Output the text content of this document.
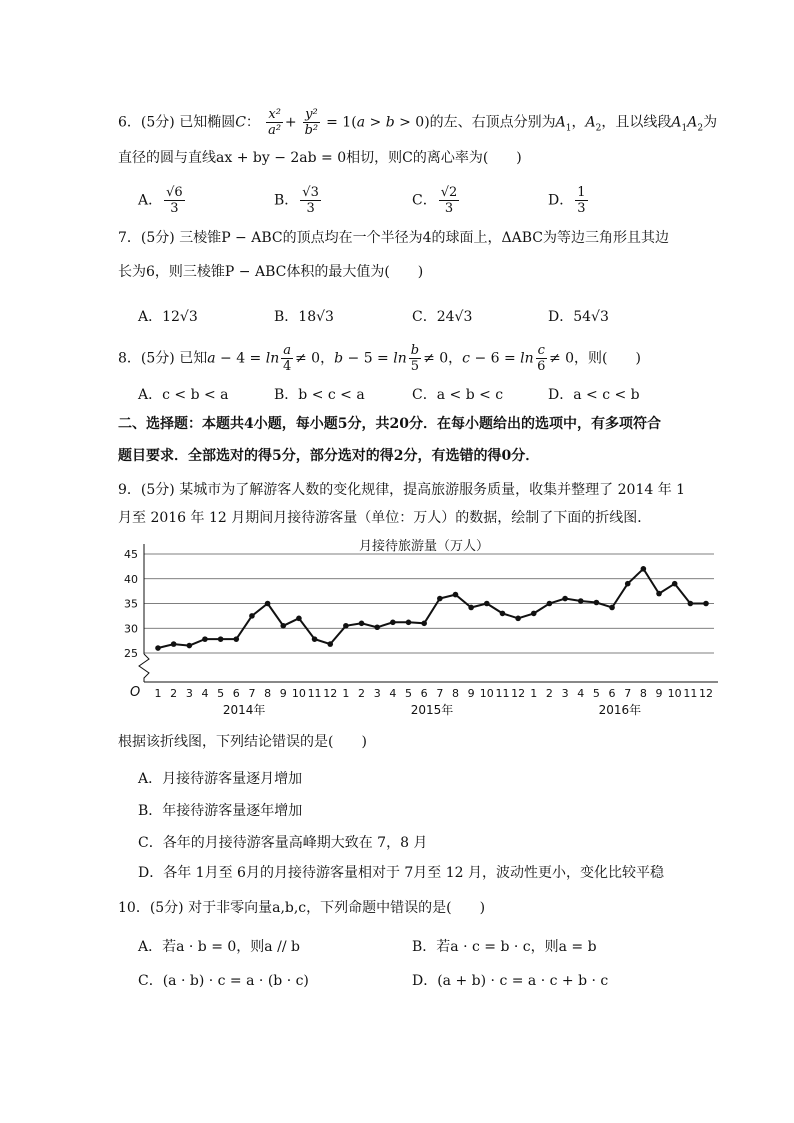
6．(5分) 已知椭圆C： $\frac{\text{x²}}{\text{a²}} + \frac{\text{y²}}{\text{b²}} = 1(a > b > 0)$的左、右顶点分别为$A_1$，$A_2$，且以线段$A_1A_2$为
直径的圆与直线ax + by − 2ab = 0相切，则C的离心率为(　　)
A． $\frac{√6}{3}$	B． $\frac{√3}{3}$	C． $\frac{√2}{3}$	D． $\frac{1}{3}$
7．(5分) 三棱锥P − ABC的顶点均在一个半径为4的球面上，ΔABC为等边三角形且其边
长为6，则三棱锥P − ABC体积的最大值为(　　)
A．12√3	B．18√3	C．24√3	D．54√3
8．(5分) 已知$a - 4 = \ln \frac{a}{4} \ne 0$，$b - 5 = \ln \frac{b}{5} \ne 0$，$c - 6 = \ln \frac{c}{6} \ne 0$，则(　　)
A．c < b < a	B．b < c < a	C．a < b < c	D．a < c < b
二、选择题：本题共4小题，每小题5分，共20分．在每小题给出的选项中，有多项符合
题目要求．全部选对的得5分，部分选对的得2分，有选错的得0分．
9．(5分) 某城市为了解游客人数的变化规律，提高旅游服务质量，收集并整理了 2014 年 1
月至 2016 年 12 月期间月接待游客量（单位：万人）的数据，绘制了下面的折线图．
月接待旅游量（万人）
25
30
35
40
45
O 1 2 3 4 5 6 7 8 9 10 11 12 1 2 3 4 5 6 7 8 9 10 11 12 1 2 3 4 5 6 7 8 9 10 11 12
2014年	2015年	2016年
根据该折线图，下列结论错误的是(　　)
A．月接待游客量逐月增加
B．年接待游客量逐年增加
C．各年的月接待游客量高峰期大致在 7，8 月
D．各年 1月至 6月的月接待游客量相对于 7月至 12 月，波动性更小，变化比较平稳
10．(5分) 对于非零向量a,b,c，下列命题中错误的是(　　)
A．若a · b = 0，则a // b	B．若a · c = b · c，则a = b
C．(a · b) · c = a · (b · c)	D．(a + b) · c = a · c + b · c
